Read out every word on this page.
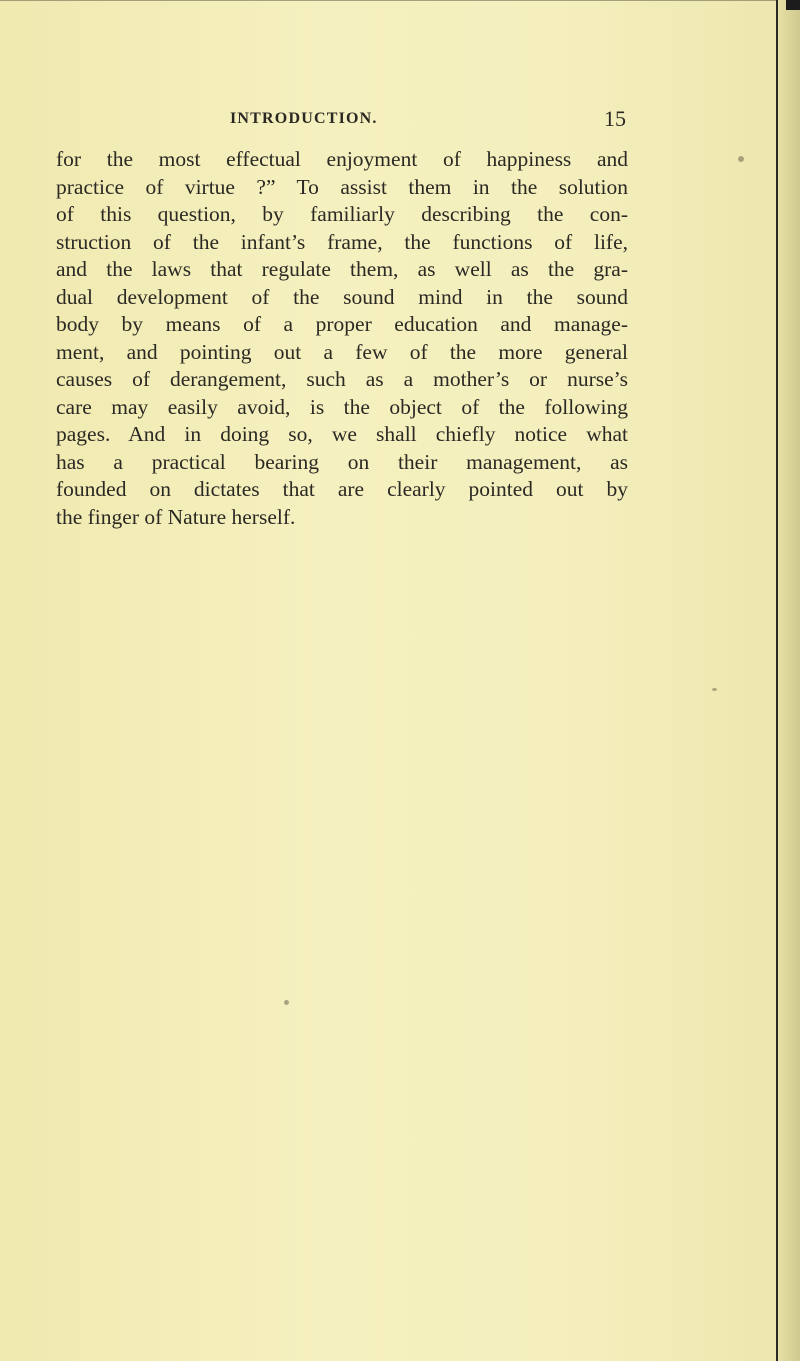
INTRODUCTION.	15
for the most effectual enjoyment of happiness and
practice of virtue ?” To assist them in the solution
of this question, by familiarly describing the con-
struction of the infant’s frame, the functions of life,
and the laws that regulate them, as well as the gra-
dual development of the sound mind in the sound
body by means of a proper education and manage-
ment, and pointing out a few of the more general
causes of derangement, such as a mother’s or nurse’s
care may easily avoid, is the object of the following
pages. And in doing so, we shall chiefly notice what
has a practical bearing on their management, as
founded on dictates that are clearly pointed out by
the finger of Nature herself.
